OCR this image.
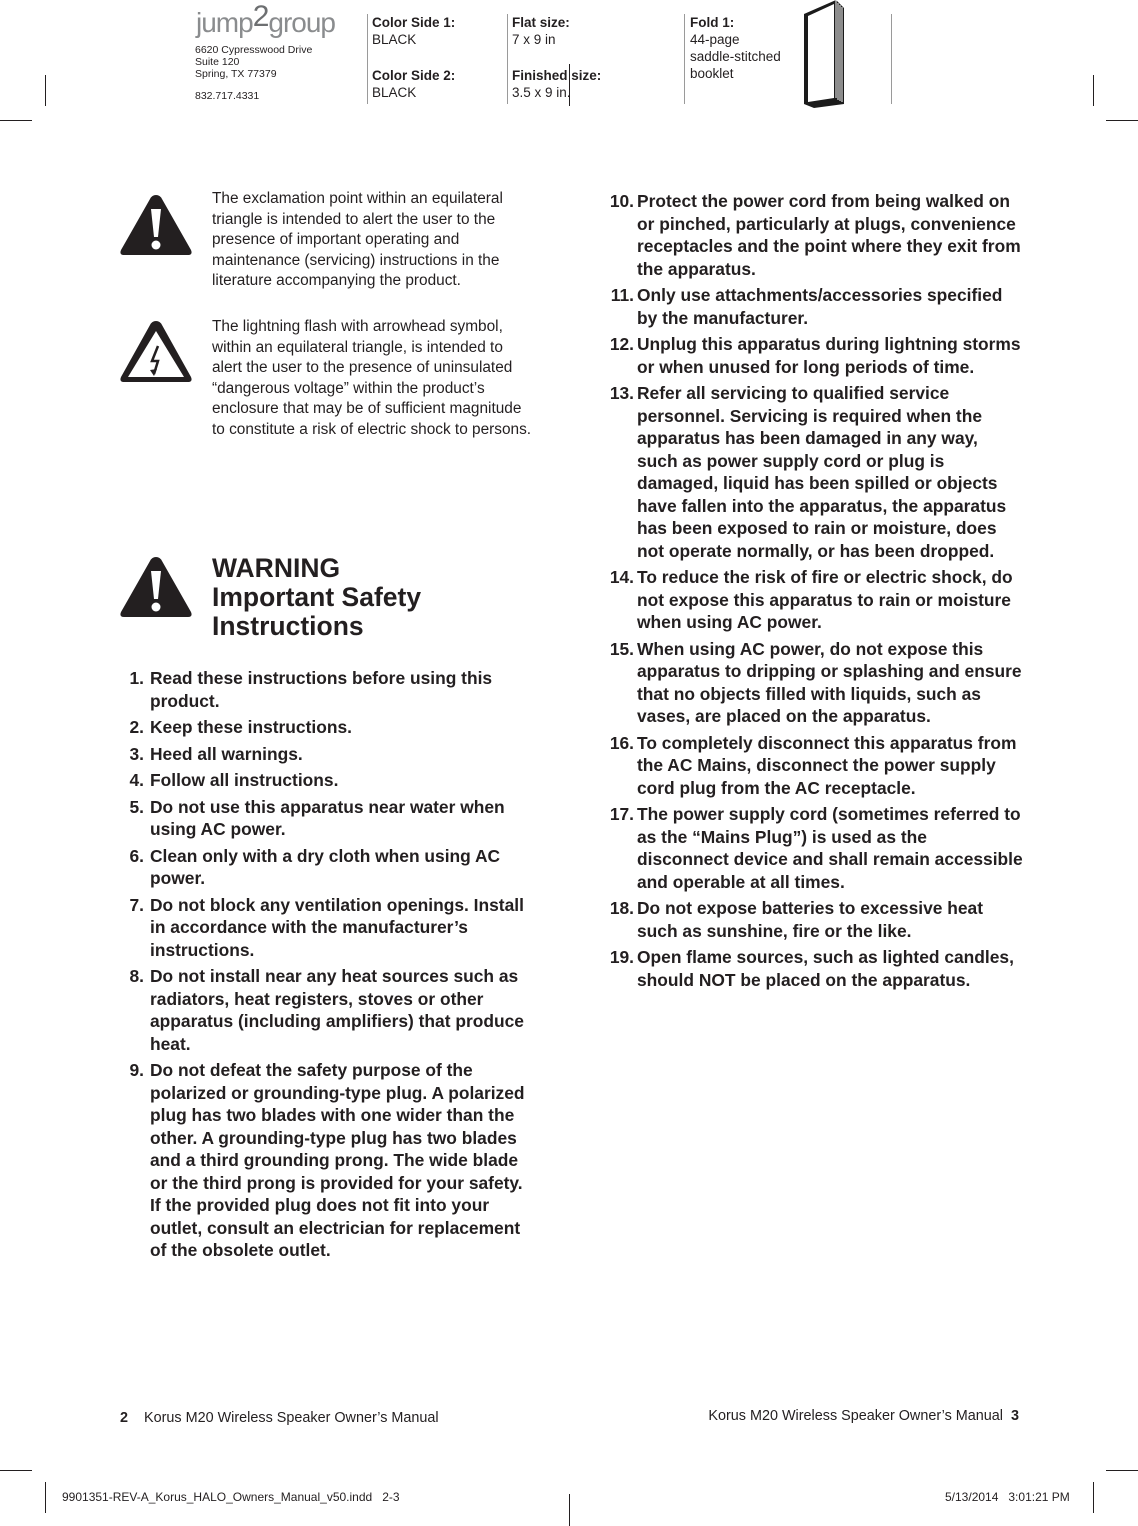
jump2group
6620 Cypresswood Drive
Suite 120
Spring, TX 77379
832.717.4331
Color Side 1:
BLACK
Color Side 2:
BLACK
Flat size:
7 x 9 in
Finished size:
3.5 x 9 in.
Fold 1:
44-page
saddle-stitched
booklet
The exclamation point within an equilateral triangle is intended to alert the user to the presence of important operating and maintenance (servicing) instructions in the literature accompanying the product.
The lightning flash with arrowhead symbol, within an equilateral triangle, is intended to alert the user to the presence of uninsulated “dangerous voltage” within the product’s enclosure that may be of sufficient magnitude to constitute a risk of electric shock to persons.
WARNING
Important Safety
Instructions
1. Read these instructions before using this product.
2. Keep these instructions.
3. Heed all warnings.
4. Follow all instructions.
5. Do not use this apparatus near water when using AC power.
6. Clean only with a dry cloth when using AC power.
7. Do not block any ventilation openings. Install in accordance with the manufacturer’s instructions.
8. Do not install near any heat sources such as radiators, heat registers, stoves or other apparatus (including amplifiers) that produce heat.
9. Do not defeat the safety purpose of the polarized or grounding-type plug. A polarized plug has two blades with one wider than the other. A grounding-type plug has two blades and a third grounding prong. The wide blade or the third prong is provided for your safety. If the provided plug does not fit into your outlet, consult an electrician for replacement of the obsolete outlet.
10. Protect the power cord from being walked on or pinched, particularly at plugs, convenience receptacles and the point where they exit from the apparatus.
11. Only use attachments/accessories specified by the manufacturer.
12. Unplug this apparatus during lightning storms or when unused for long periods of time.
13. Refer all servicing to qualified service personnel. Servicing is required when the apparatus has been damaged in any way, such as power supply cord or plug is damaged, liquid has been spilled or objects have fallen into the apparatus, the apparatus has been exposed to rain or moisture, does not operate normally, or has been dropped.
14. To reduce the risk of fire or electric shock, do not expose this apparatus to rain or moisture when using AC power.
15. When using AC power, do not expose this apparatus to dripping or splashing and ensure that no objects filled with liquids, such as vases, are placed on the apparatus.
16. To completely disconnect this apparatus from the AC Mains, disconnect the power supply cord plug from the AC receptacle.
17. The power supply cord (sometimes referred to as the “Mains Plug”) is used as the disconnect device and shall remain accessible and operable at all times.
18. Do not expose batteries to excessive heat such as sunshine, fire or the like.
19. Open flame sources, such as lighted candles, should NOT be placed on the apparatus.
2 Korus M20 Wireless Speaker Owner’s Manual	Korus M20 Wireless Speaker Owner’s Manual 3
9901351-REV-A_Korus_HALO_Owners_Manual_v50.indd   2-3	5/13/2014   3:01:21 PM
